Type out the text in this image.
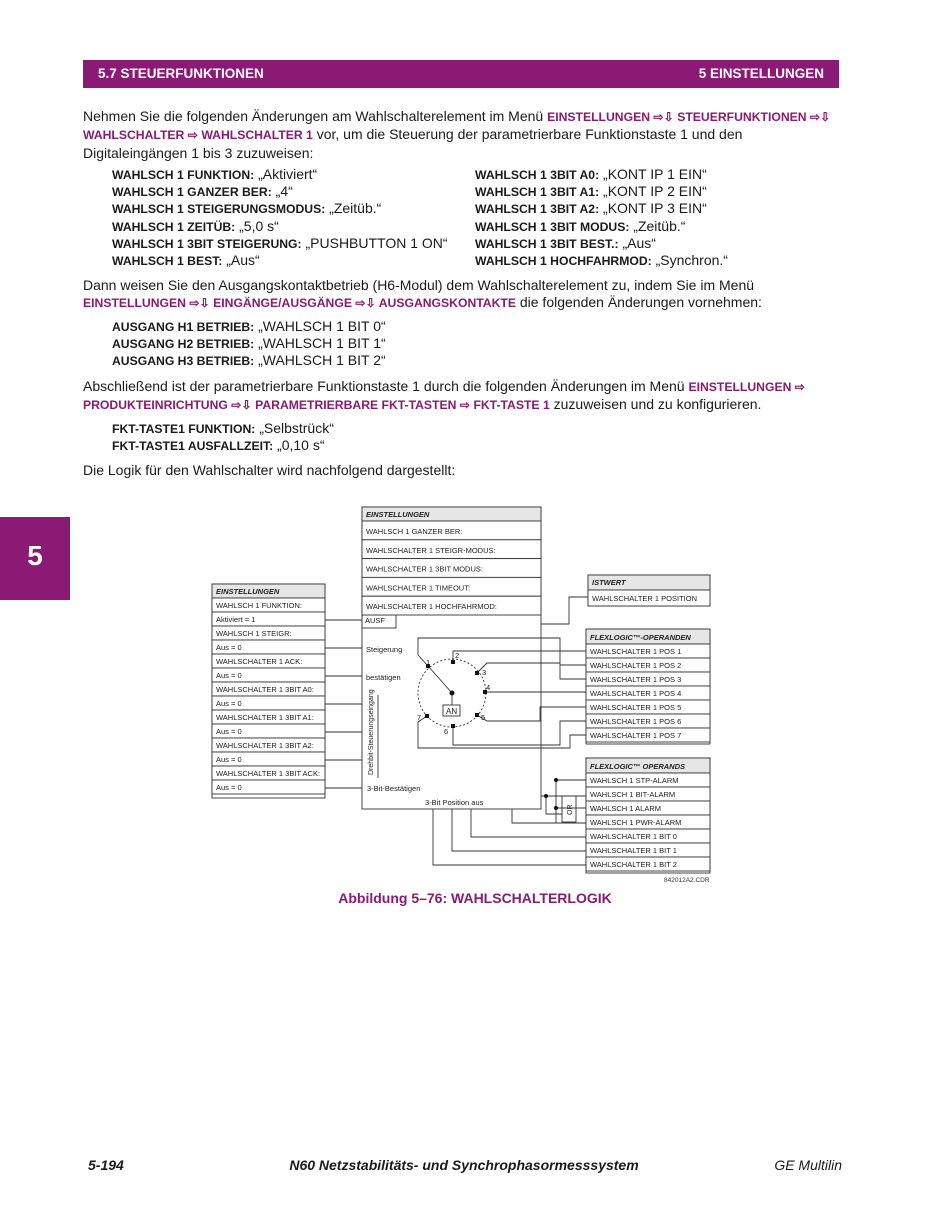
5.7 STEUERFUNKTIONEN	5 EINSTELLUNGEN
5
Nehmen Sie die folgenden Änderungen am Wahlschalterelement im Menü EINSTELLUNGEN ⇨⇩ STEUERFUNKTIONEN ⇨⇩ WAHLSCHALTER ⇨ WAHLSCHALTER 1 vor, um die Steuerung der parametrierbare Funktionstaste 1 und den Digitaleingängen 1 bis 3 zuzuweisen:
WAHLSCH 1 FUNKTION: „Aktiviert“
WAHLSCH 1 GANZER BER: „4“
WAHLSCH 1 STEIGERUNGSMODUS: „Zeitüb.“
WAHLSCH 1 ZEITÜB: „5,0 s“
WAHLSCH 1 3BIT STEIGERUNG: „PUSHBUTTON 1 ON“
WAHLSCH 1 BEST: „Aus“
WAHLSCH 1 3BIT A0: „KONT IP 1 EIN“
WAHLSCH 1 3BIT A1: „KONT IP 2 EIN“
WAHLSCH 1 3BIT A2: „KONT IP 3 EIN“
WAHLSCH 1 3BIT MODUS: „Zeitüb.“
WAHLSCH 1 3BIT BEST.: „Aus“
WAHLSCH 1 HOCHFAHRMOD: „Synchron.“
Dann weisen Sie den Ausgangskontaktbetrieb (H6-Modul) dem Wahlschalterelement zu, indem Sie im Menü EINSTELLUNGEN ⇨⇩ EINGÄNGE/AUSGÄNGE ⇨⇩ AUSGANGSKONTAKTE die folgenden Änderungen vornehmen:
AUSGANG H1 BETRIEB: „WAHLSCH 1 BIT 0“
AUSGANG H2 BETRIEB: „WAHLSCH 1 BIT 1“
AUSGANG H3 BETRIEB: „WAHLSCH 1 BIT 2“
Abschließend ist der parametrierbare Funktionstaste 1 durch die folgenden Änderungen im Menü EINSTELLUNGEN ⇨ PRODUKTEINRICHTUNG ⇨⇩ PARAMETRIERBARE FKT-TASTEN ⇨ FKT-TASTE 1 zuzuweisen und zu konfigurieren.
FKT-TASTE1 FUNKTION: „Selbstrück“
FKT-TASTE1 AUSFALLZEIT: „0,10 s“
Die Logik für den Wahlschalter wird nachfolgend dargestellt:
AN
EINSTELLUNGEN
WAHLSCH 1 FUNKTION:
Aktiviert = 1
WAHLSCH 1 STEIGR:
Aus = 0
WAHLSCHALTER 1 ACK:
Aus = 0
WAHLSCHALTER 1 3BIT A0:
Aus = 0
WAHLSCHALTER 1 3BIT A1:
Aus = 0
WAHLSCHALTER 1 3BIT A2:
Aus = 0
WAHLSCHALTER 1 3BIT ACK:
Aus = 0
EINSTELLUNGEN
WAHLSCH 1 GANZER BER:
WAHLSCHALTER 1 STEIGR-MODUS:
WAHLSCHALTER 1 3BIT MODUS:
WAHLSCHALTER 1 TIMEOUT:
WAHLSCHALTER 1 HOCHFAHRMOD:
ISTWERT
WAHLSCHALTER 1 POSITION
FLEXLOGIC™-OPERANDEN
WAHLSCHALTER 1 POS 1
WAHLSCHALTER 1 POS 2
WAHLSCHALTER 1 POS 3
WAHLSCHALTER 1 POS 4
WAHLSCHALTER 1 POS 5
WAHLSCHALTER 1 POS 6
WAHLSCHALTER 1 POS 7
FLEXLOGIC™ OPERANDS
WAHLSCH 1 STP-ALARM
WAHLSCH 1 BIT-ALARM
WAHLSCH 1 ALARM
WAHLSCH 1 PWR-ALARM
WAHLSCHALTER 1 BIT 0
WAHLSCHALTER 1 BIT 1
WAHLSCHALTER 1 BIT 2
1
2
3
4
5
6
7
OR
Steigerung
bestätigen
AUSF
Drehbit-Steuerungseingang
3-Bit-Bestätigen
3-Bit Position aus
842012A2.CDR
Abbildung 5–76: WAHLSCHALTERLOGIK
5-194	N60 Netzstabilitäts- und Synchrophasormesssystem	GE Multilin
